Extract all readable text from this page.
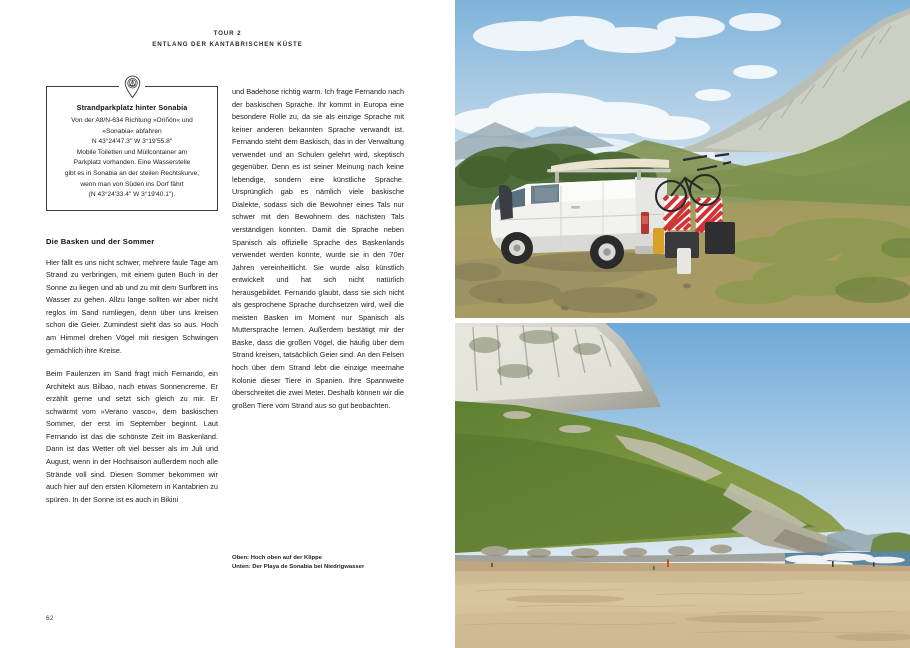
TOUR 2
ENTLANG DER KANTABRISCHEN KÜSTE
Strandparkplatz hinter Sonabia
Von der A8/N-634 Richtung »Oriñón« und
»Sonabia« abfahren
N 43°24'47.3" W 3°19'55.8"
Mobile Toiletten und Müllcontainer am
Parkplatz vorhanden. Eine Wasserstelle
gibt es in Sonabia an der steilen Rechtskurve,
wenn man von Süden ins Dorf fährt
(N 43°24'33.4" W 3°19'40.1").
Die Basken und der Sommer

Hier fällt es uns nicht schwer, mehrere faule Tage am Strand zu verbringen, mit einem guten Buch in der Sonne zu liegen und ab und zu mit dem Surfbrett ins Wasser zu gehen. Allzu lange sollten wir aber nicht reglos im Sand rumliegen, denn über uns kreisen schon die Geier. Zumindest sieht das so aus. Hoch am Himmel drehen Vögel mit riesigen Schwingen gemächlich ihre Kreise.

Beim Faulenzen im Sand fragt mich Fernando, ein Architekt aus Bilbao, nach etwas Sonnencreme. Er erzählt gerne und setzt sich gleich zu mir. Er schwärmt vom »Verano vasco«, dem baskischen Sommer, der erst im September beginnt. Laut Fernando ist das die schönste Zeit im Baskenland. Dann ist das Wetter oft viel besser als im Juli und August, wenn in der Hochsaison außerdem noch alle Strände voll sind. Diesen Sommer bekommen wir auch hier auf den ersten Kilometern in Kantabrien zu spüren. In der Sonne ist es auch in Bikini

und Badehose richtig warm. Ich frage Fernando nach der baskischen Sprache. Ihr kommt in Europa eine besondere Rolle zu, da sie als einzige Sprache mit keiner anderen bekannten Sprache verwandt ist. Fernando steht dem Baskisch, das in der Verwaltung verwendet und an Schulen gelehrt wird, skeptisch gegenüber. Denn es ist seiner Meinung nach keine lebendige, sondern eine künstliche Sprache. Ursprünglich gab es nämlich viele baskische Dialekte, sodass sich die Bewohner eines Tals nur schwer mit den Bewohnern des nächsten Tals verständigen konnten. Damit die Sprache neben Spanisch als offizielle Sprache des Baskenlands verwendet werden konnte, wurde sie in den 70er Jahren vereinheitlicht. Sie wurde also künstlich entwickelt und hat sich nicht natürlich herausgebildet. Fernando glaubt, dass sie sich nicht als gesprochene Sprache durchsetzen wird, weil die meisten Basken im Moment nur Spanisch als Muttersprache lernen. Außerdem bestätigt mir der Baske, dass die großen Vögel, die häufig über dem Strand kreisen, tatsächlich Geier sind. An den Felsen hoch über dem Strand lebt die einzige meernahe Kolonie dieser Tiere in Spanien. Ihre Spannweite überschreitet die zwei Meter. Deshalb können wir die großen Tiere vom Strand aus so gut beobachten.

Oben: Hoch oben auf der Klippe
Unten: Der Playa de Sonabia bei Niedrigwasser
62
